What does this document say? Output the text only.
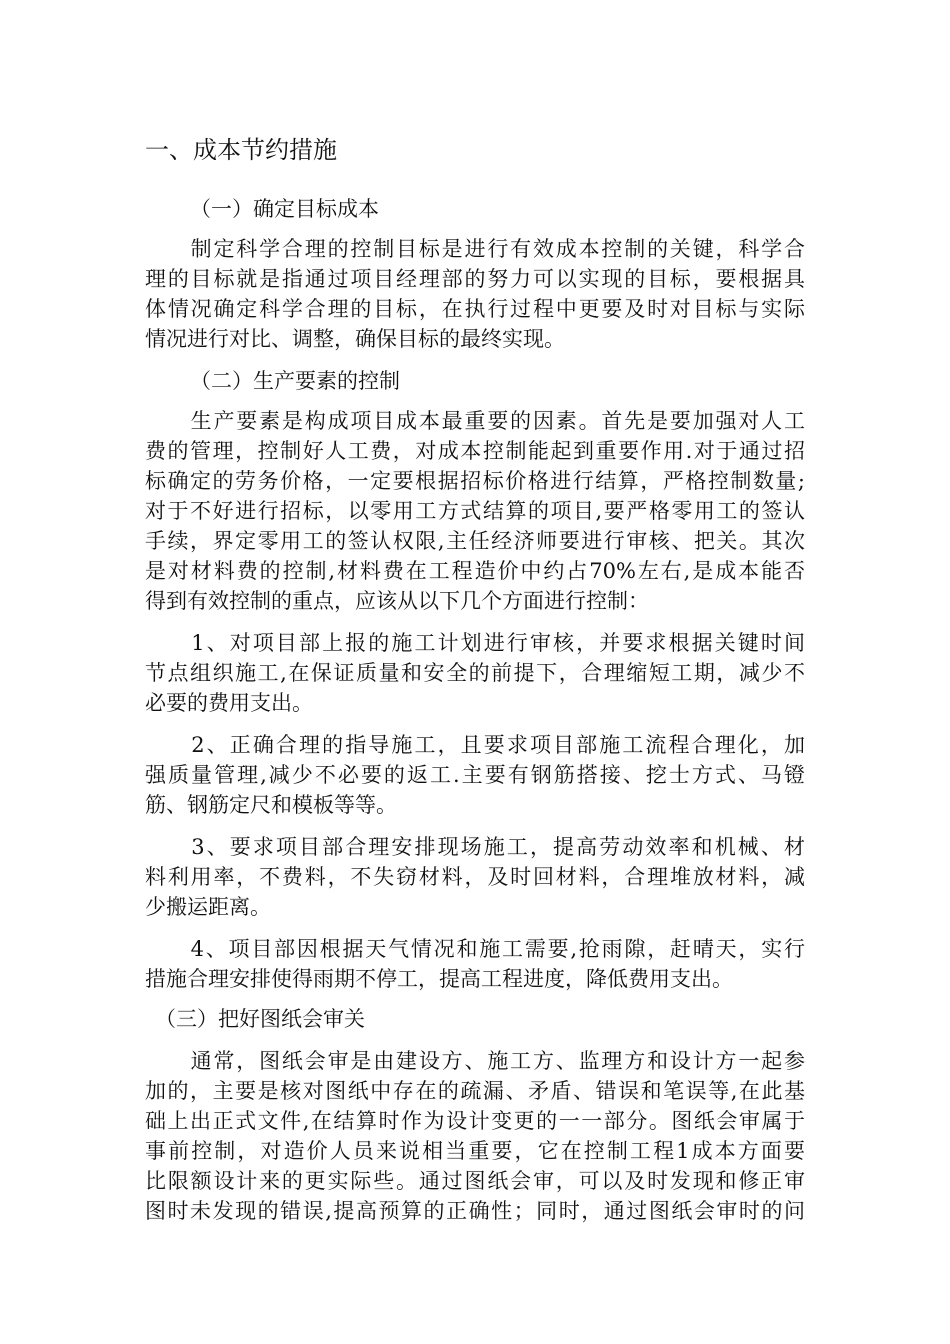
一、成本节约措施
（一）确定目标成本
　　制定科学合理的控制目标是进行有效成本控制的关键，科学合
理的目标就是指通过项目经理部的努力可以实现的目标，要根据具
体情况确定科学合理的目标，在执行过程中更要及时对目标与实际
情况进行对比、调整，确保目标的最终实现。
（二）生产要素的控制
　　生产要素是构成项目成本最重要的因素。首先是要加强对人工
费的管理，控制好人工费，对成本控制能起到重要作用.对于通过招
标确定的劳务价格，一定要根据招标价格进行结算，严格控制数量;
对于不好进行招标，以零用工方式结算的项目,要严格零用工的签认
手续，界定零用工的签认权限,主任经济师要进行审核、把关。其次
是对材料费的控制,材料费在工程造价中约占70%左右,是成本能否
得到有效控制的重点，应该从以下几个方面进行控制：
　　1、对项目部上报的施工计划进行审核，并要求根据关键时间
节点组织施工,在保证质量和安全的前提下，合理缩短工期，减少不
必要的费用支出。
　　2、正确合理的指导施工，且要求项目部施工流程合理化，加
强质量管理,减少不必要的返工.主要有钢筋搭接、挖士方式、马镫
筋、钢筋定尺和模板等等。
　　3、要求项目部合理安排现场施工，提高劳动效率和机械、材
料利用率，不费料，不失窃材料，及时回材料，合理堆放材料，减
少搬运距离。
　　4、项目部因根据天气情况和施工需要,抢雨隙，赶晴天，实行
措施合理安排使得雨期不停工，提高工程进度，降低费用支出。
（三）把好图纸会审关
　　通常，图纸会审是由建设方、施工方、监理方和设计方一起参
加的，主要是核对图纸中存在的疏漏、矛盾、错误和笔误等,在此基
础上出正式文件,在结算时作为设计变更的一一部分。图纸会审属于
事前控制，对造价人员来说相当重要，它在控制工程1成本方面要
比限额设计来的更实际些。通过图纸会审，可以及时发现和修正审
图时未发现的错误,提高预算的正确性；同时，通过图纸会审时的问
